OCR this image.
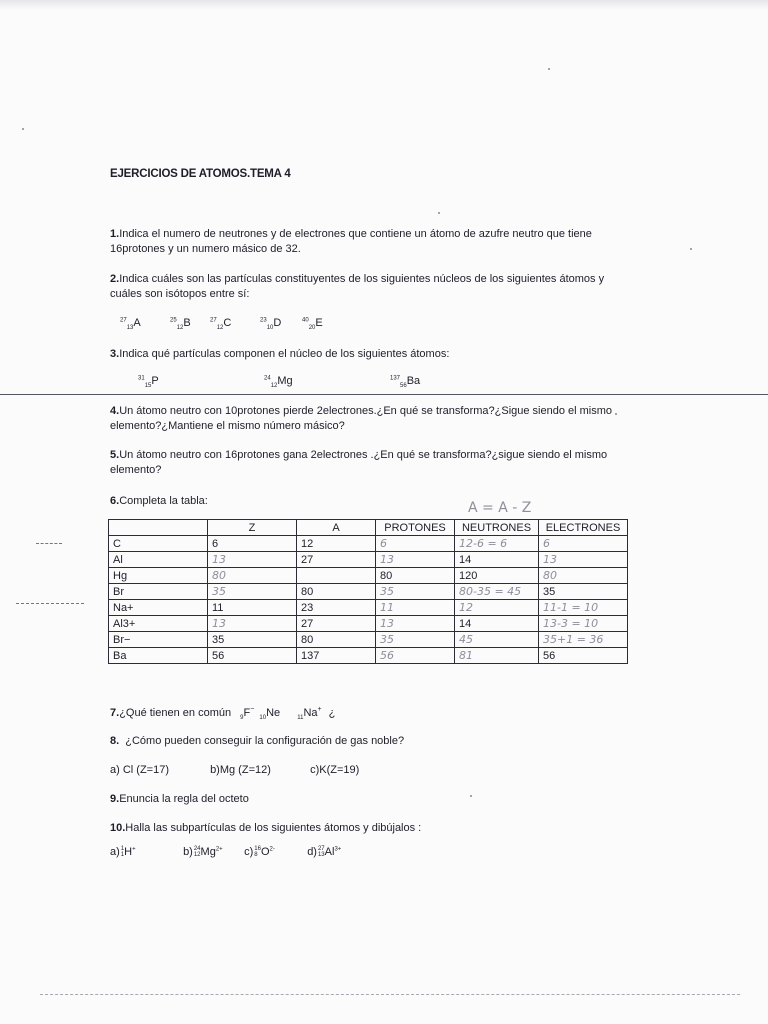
EJERCICIOS DE ATOMOS.TEMA 4
1.Indica el numero de neutrones y de electrones que contiene un átomo de azufre neutro que tiene 16protones y un numero másico de 32.
2.Indica cuáles son las partículas constituyentes de los siguientes núcleos de los siguientes átomos y cuáles son isótopos entre sí:
$^{27}_{13}$A	$^{25}_{12}$B	$^{27}_{12}$C	$^{23}_{10}$D	$^{40}_{20}$E
3.Indica qué partículas componen el núcleo de los siguientes átomos:
$^{31}_{15}$P	$^{24}_{12}$Mg	$^{137}_{56}$Ba
4.Un átomo neutro con 10protones pierde 2electrones.¿En qué se transforma?¿Sigue siendo el mismo elemento?¿Mantiene el mismo número másico?
5.Un átomo neutro con 16protones gana 2electrones .¿En qué se transforma?¿sigue siendo el mismo elemento?
6.Completa la tabla:	A = A - Z
	Z	A	PROTONES	NEUTRONES	ELECTRONES
C	6	12	6	12-6 = 6	6
Al	13	27	13	14	13
Hg	80		80	120	80
Br	35	80	35	80-35 = 45	35
Na+	11	23	11	12	11-1 = 10
Al3+	13	27	13	14	13-3 = 10
Br−	35	80	35	45	35+1 = 36
Ba	56	137	56	81	56
7.¿Qué tienen en común $_9$F− $_{10}$Ne	$_{11}$Na+ ¿
8. ¿Cómo pueden conseguir la configuración de gas noble?
a) Cl (Z=17)	b)Mg (Z=12)	c)K(Z=19)
9.Enuncia la regla del octeto
10.Halla las subpartículas de los siguientes átomos y dibújalos :
a) 1
1 H+	b) 24
12 $Mg^{2+}$ c) 16
8 $O^{2-}$	d) 27
13 $Al^{3+}$
